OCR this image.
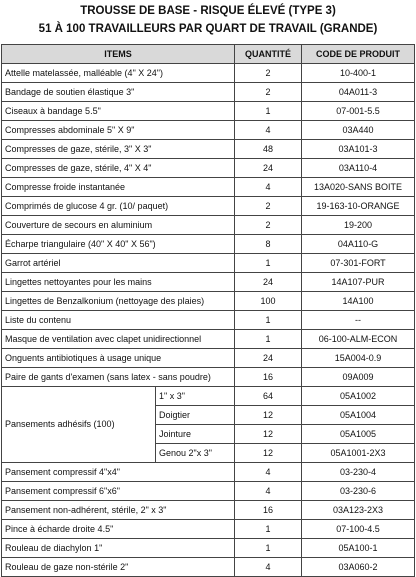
TROUSSE DE BASE - RISQUE ÉLEVÉ (TYPE 3)
51 À 100 TRAVAILLEURS PAR QUART DE TRAVAIL (GRANDE)
ITEMS		QUANTITÉ	CODE DE PRODUIT
Attelle matelassée, malléable (4" X 24")		2	10-400-1
Bandage de soutien élastique 3"		2	04A011-3
Ciseaux à bandage 5.5"		1	07-001-5.5
Compresses abdominale 5" X 9"		4	03A440
Compresses de gaze, stérile, 3" X 3"		48	03A101-3
Compresses de gaze, stérile, 4" X 4"		24	03A110-4
Compresse froide instantanée		4	13A020-SANS BOITE
Comprimés de glucose 4 gr. (10/ paquet)		2	19-163-10-ORANGE
Couverture de secours en aluminium		2	19-200
Écharpe triangulaire (40" X 40" X 56")		8	04A110-G
Garrot artériel		1	07-301-FORT
Lingettes nettoyantes pour les mains		24	14A107-PUR
Lingettes de Benzalkonium (nettoyage des plaies)		100	14A100
Liste du contenu		1	--
Masque de ventilation avec clapet unidirectionnel		1	06-100-ALM-ECON
Onguents antibiotiques à usage unique		24	15A004-0.9
Paire de gants d'examen (sans latex - sans poudre)		16	09A009
Pansements adhésifs (100)	1" x 3"	64	05A1002
	Doigtier	12	05A1004
	Jointure	12	05A1005
	Genou 2"x 3"	12	05A1001-2X3
Pansement compressif 4"x4"		4	03-230-4
Pansement compressif 6"x6"		4	03-230-6
Pansement non-adhérent, stérile, 2" x 3"		16	03A123-2X3
Pince à écharde droite 4.5"		1	07-100-4.5
Rouleau de diachylon 1"		1	05A100-1
Rouleau de gaze non-stérile 2"		4	03A060-2
